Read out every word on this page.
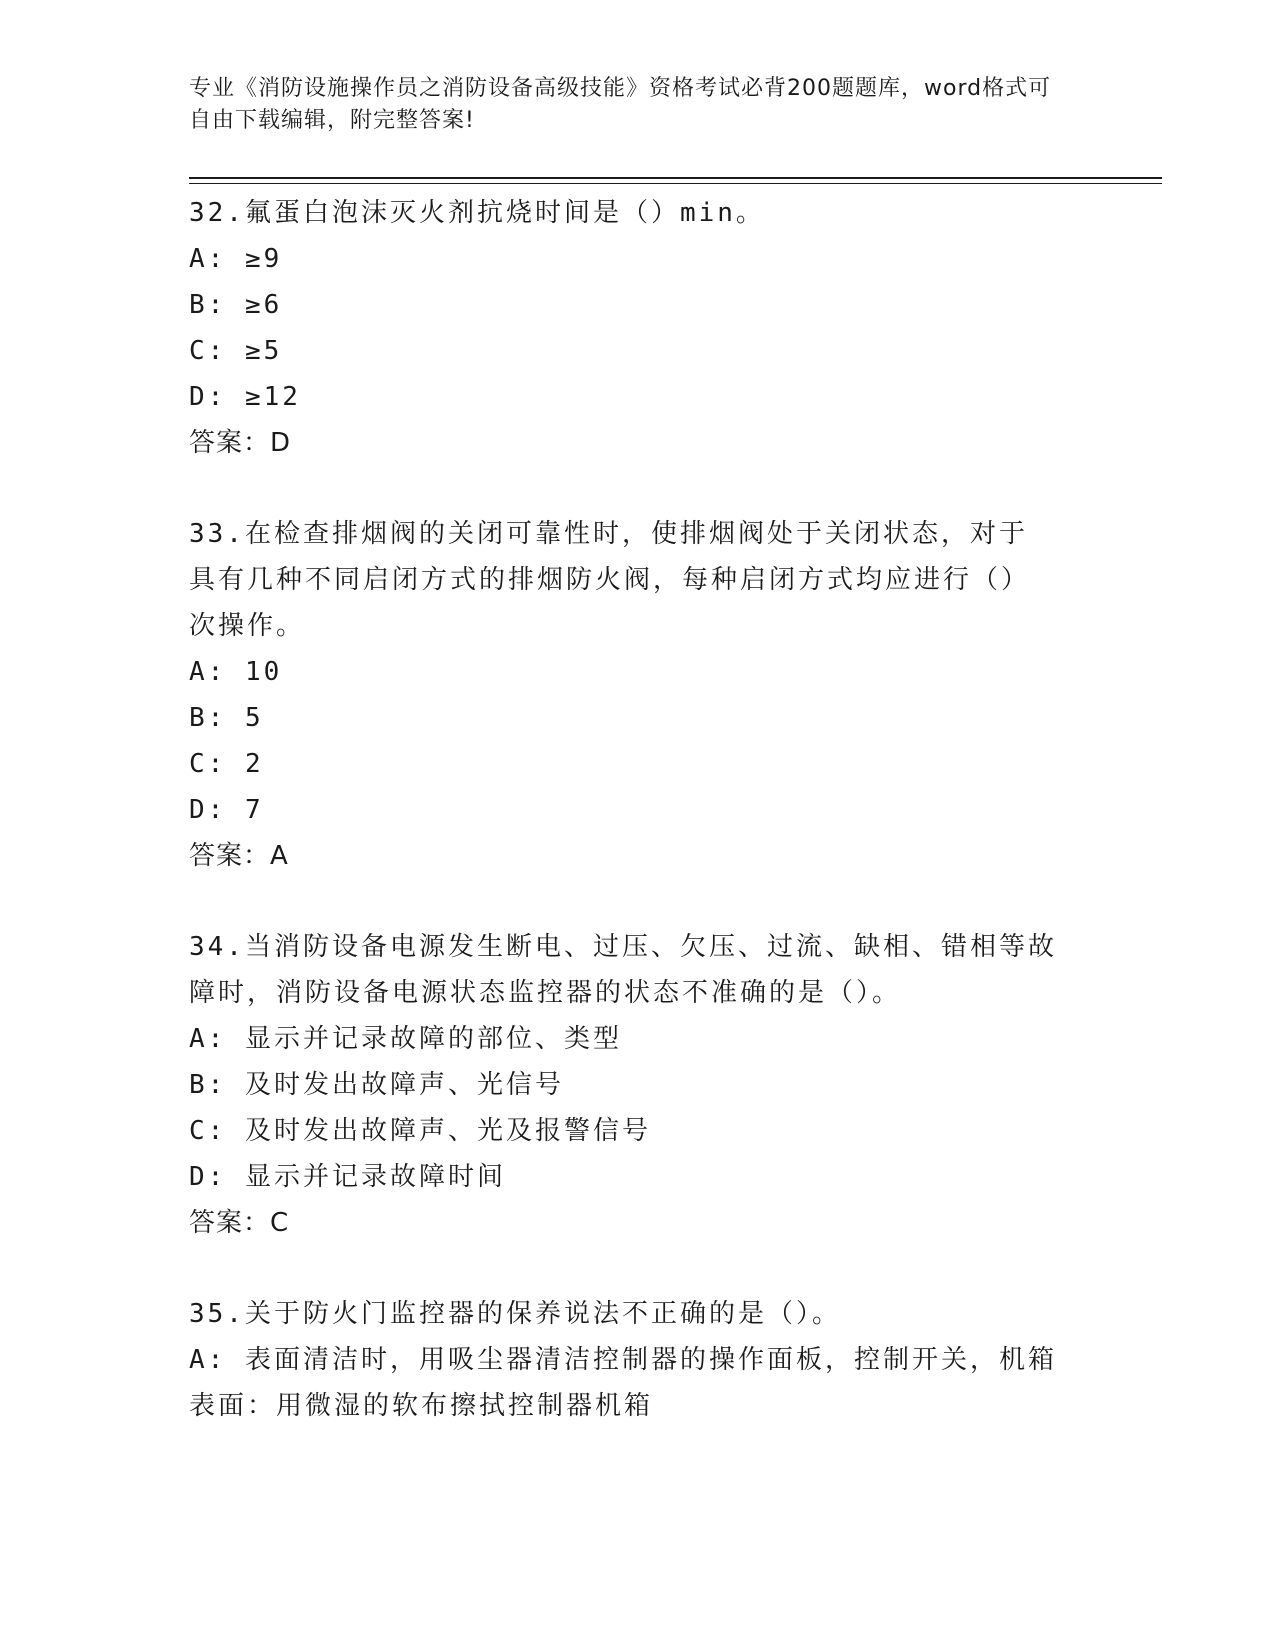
专业《消防设施操作员之消防设备高级技能》资格考试必背200题题库，word格式可自由下载编辑，附完整答案!
32.氟蛋白泡沫灭火剂抗烧时间是（）min。
A: ≥9
B: ≥6
C: ≥5
D: ≥12
答案：D
33.在检查排烟阀的关闭可靠性时，使排烟阀处于关闭状态，对于具有几种不同启闭方式的排烟防火阀，每种启闭方式均应进行（）次操作。
A: 10
B: 5
C: 2
D: 7
答案：A
34.当消防设备电源发生断电、过压、欠压、过流、缺相、错相等故障时，消防设备电源状态监控器的状态不准确的是（）。
A: 显示并记录故障的部位、类型
B: 及时发出故障声、光信号
C: 及时发出故障声、光及报警信号
D: 显示并记录故障时间
答案：C
35.关于防火门监控器的保养说法不正确的是（）。
A: 表面清洁时，用吸尘器清洁控制器的操作面板，控制开关，机箱表面：用微湿的软布擦拭控制器机箱
